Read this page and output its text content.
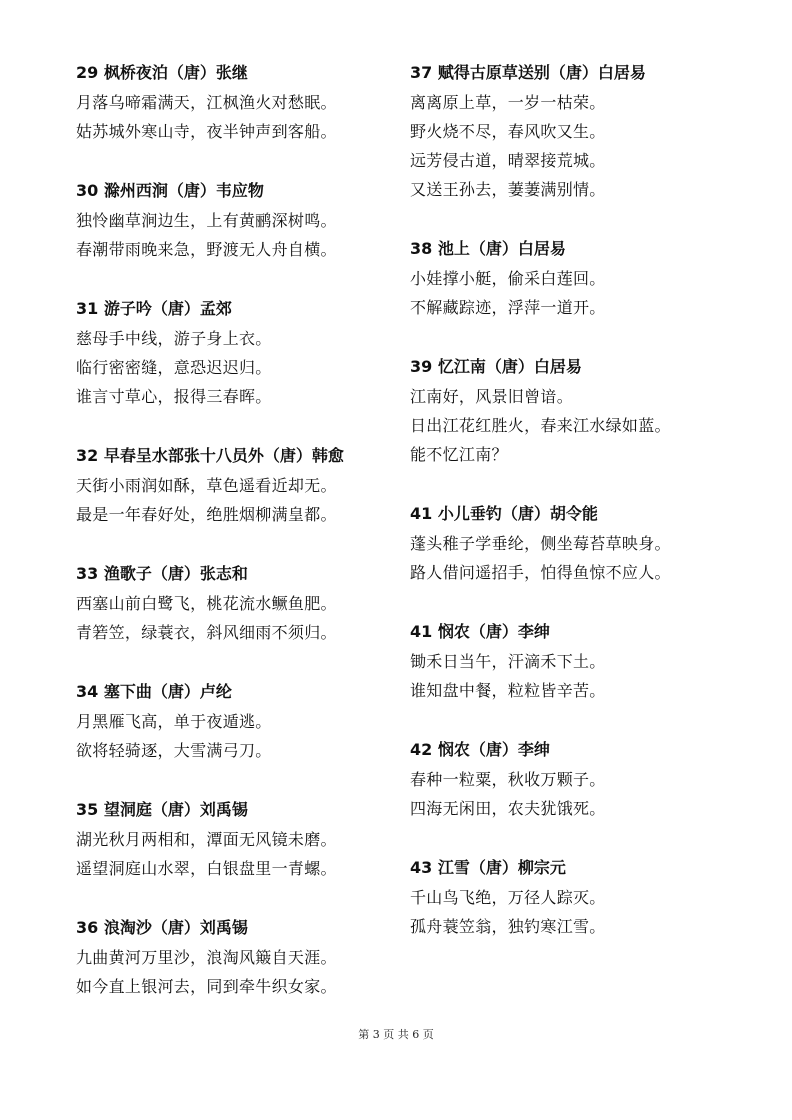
29 枫桥夜泊（唐）张继
月落乌啼霜满天，江枫渔火对愁眠。
姑苏城外寒山寺，夜半钟声到客船。
30 滁州西涧（唐）韦应物
独怜幽草涧边生，上有黄鹂深树鸣。
春潮带雨晚来急，野渡无人舟自横。
31 游子吟（唐）孟郊
慈母手中线，游子身上衣。
临行密密缝，意恐迟迟归。
谁言寸草心，报得三春晖。
32 早春呈水部张十八员外（唐）韩愈
天街小雨润如酥，草色遥看近却无。
最是一年春好处，绝胜烟柳满皇都。
33 渔歌子（唐）张志和
西塞山前白鹭飞，桃花流水鳜鱼肥。
青箬笠，绿蓑衣，斜风细雨不须归。
34 塞下曲（唐）卢纶
月黑雁飞高，单于夜遁逃。
欲将轻骑逐，大雪满弓刀。
35 望洞庭（唐）刘禹锡
湖光秋月两相和，潭面无风镜未磨。
遥望洞庭山水翠，白银盘里一青螺。
36 浪淘沙（唐）刘禹锡
九曲黄河万里沙，浪淘风簸自天涯。
如今直上银河去，同到牵牛织女家。
37 赋得古原草送别（唐）白居易
离离原上草，一岁一枯荣。
野火烧不尽，春风吹又生。
远芳侵古道，晴翠接荒城。
又送王孙去，萋萋满别情。
38 池上（唐）白居易
小娃撑小艇，偷采白莲回。
不解藏踪迹，浮萍一道开。
39 忆江南（唐）白居易
江南好，风景旧曾谙。
日出江花红胜火，春来江水绿如蓝。
能不忆江南？
41 小儿垂钓（唐）胡令能
蓬头稚子学垂纶，侧坐莓苔草映身。
路人借问遥招手，怕得鱼惊不应人。
41 悯农（唐）李绅
锄禾日当午，汗滴禾下土。
谁知盘中餐，粒粒皆辛苦。
42 悯农（唐）李绅
春种一粒粟，秋收万颗子。
四海无闲田，农夫犹饿死。
43 江雪（唐）柳宗元
千山鸟飞绝，万径人踪灭。
孤舟蓑笠翁，独钓寒江雪。
第 3 页 共 6 页
